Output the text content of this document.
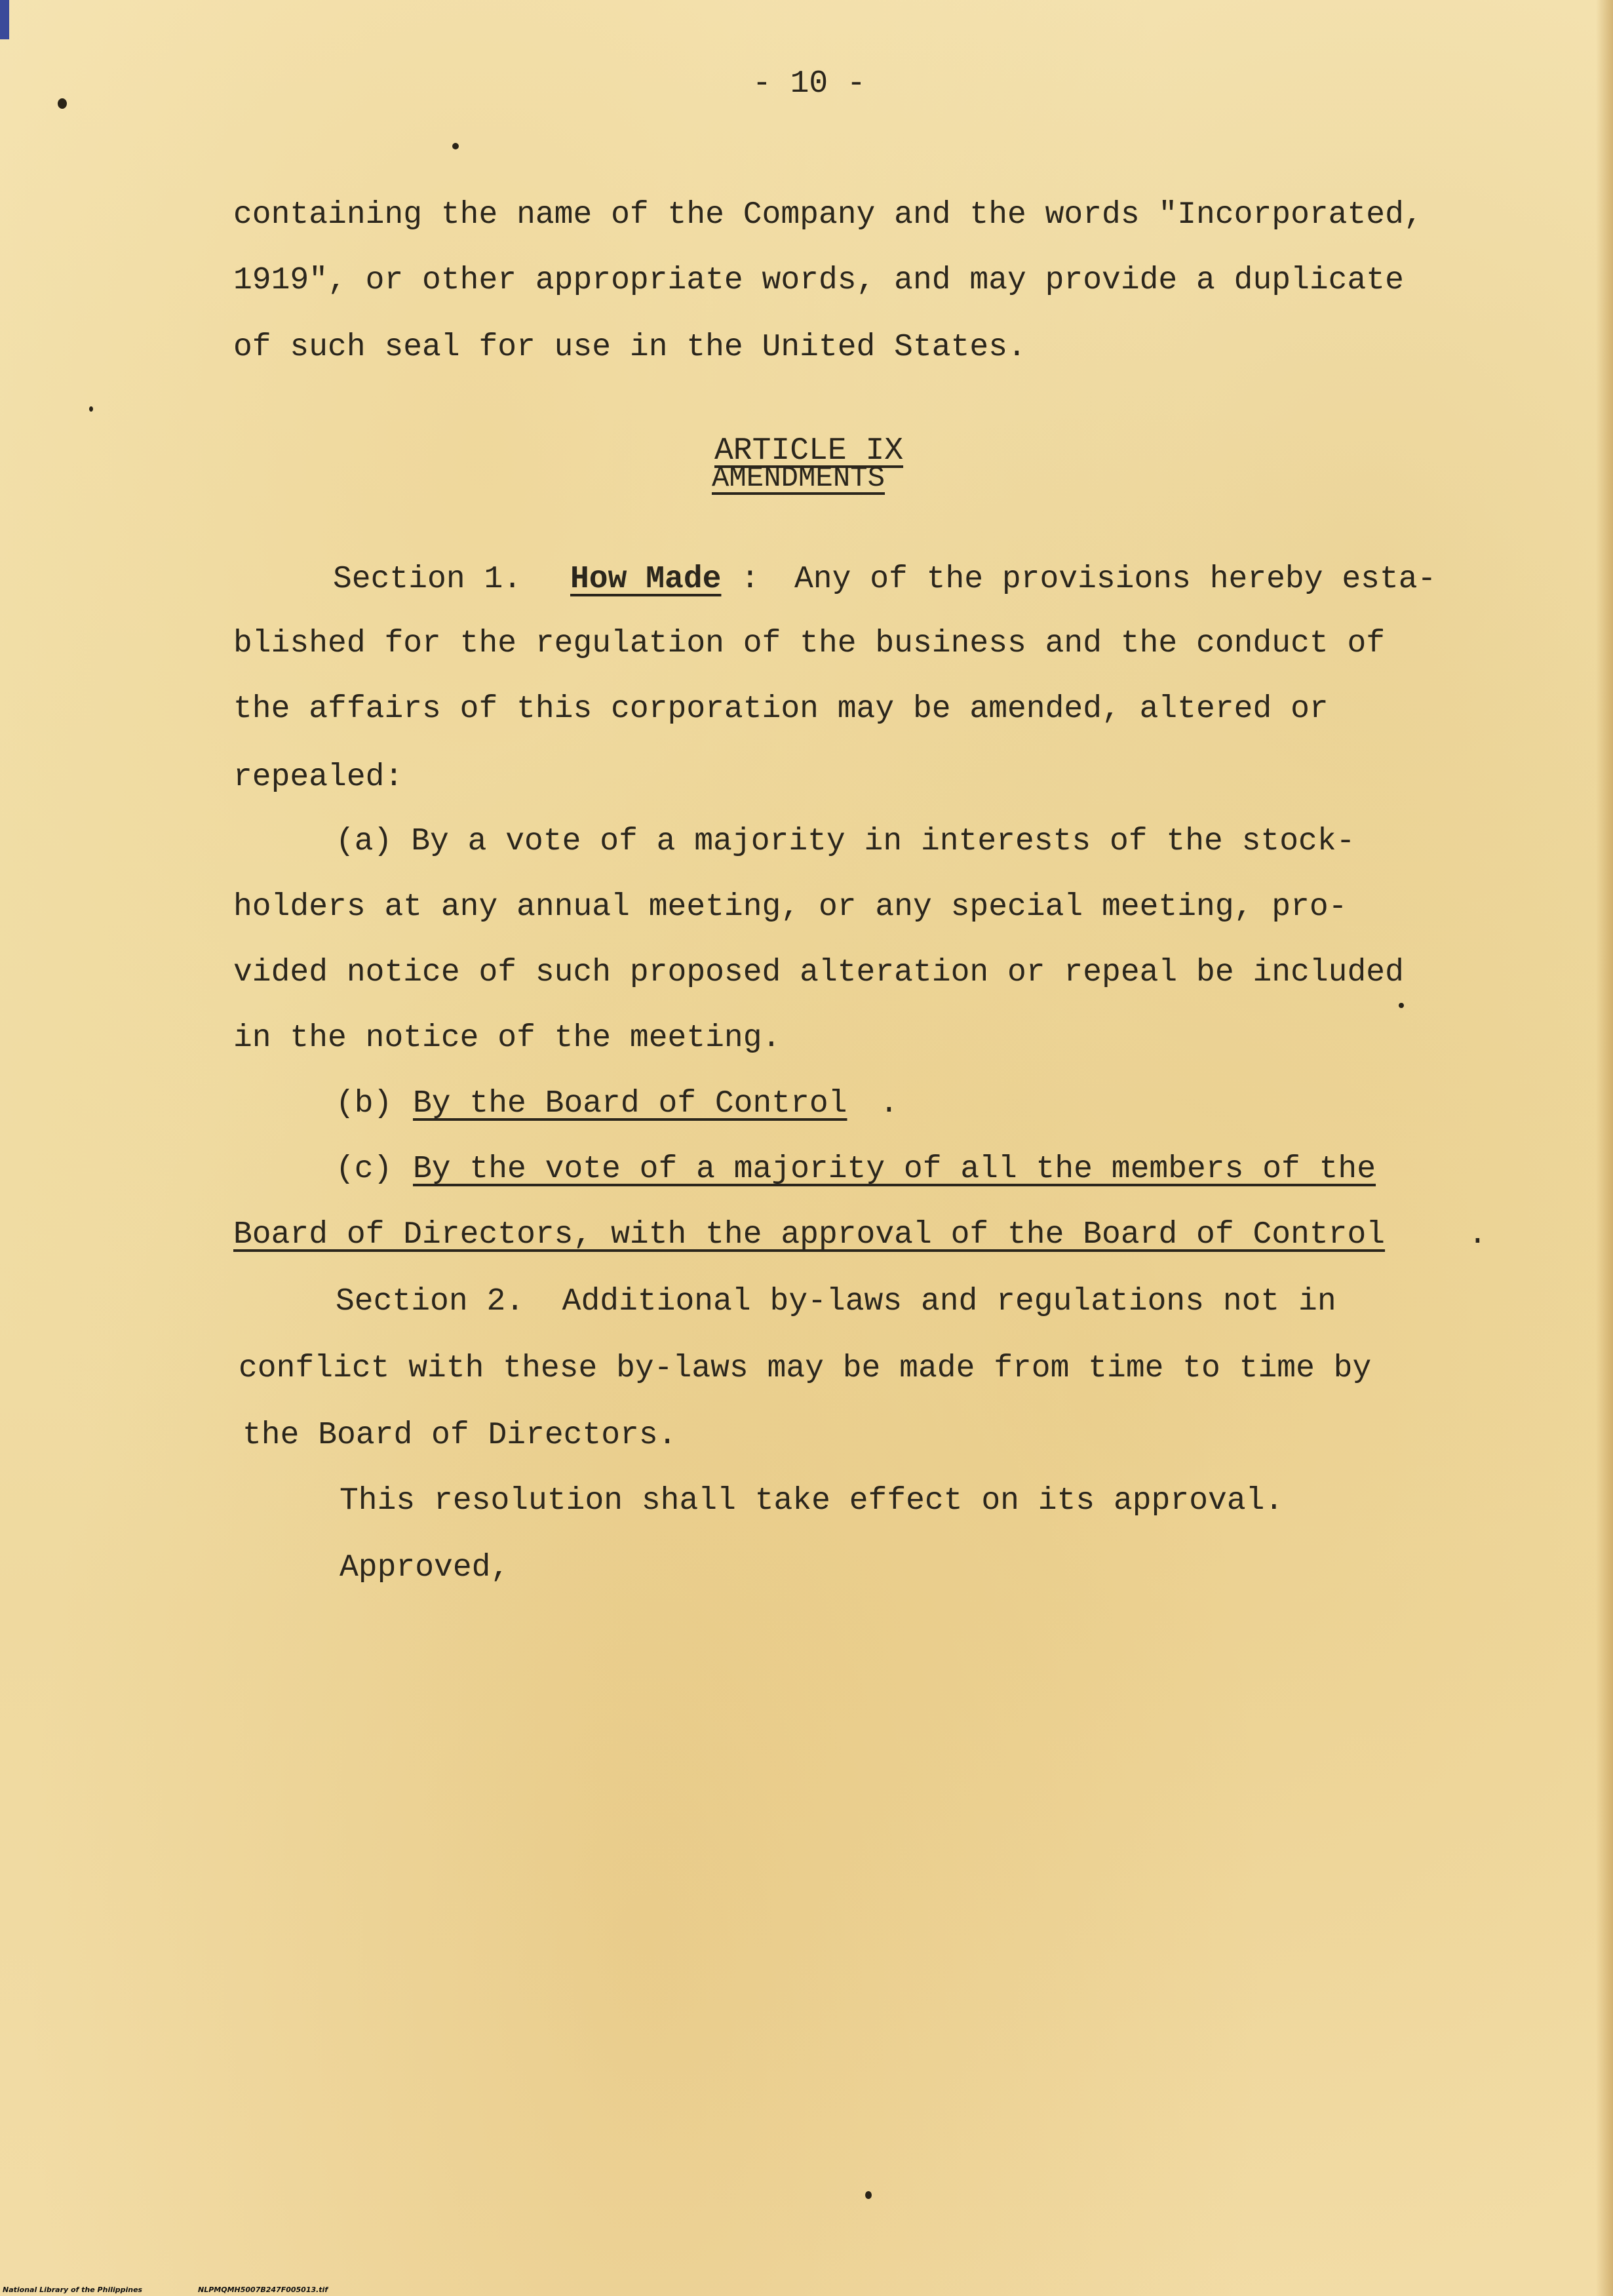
- 10 -
containing the name of the Company and the words "Incorporated,
1919", or other appropriate words, and may provide a duplicate
of such seal for use in the United States.
ARTICLE IX
AMENDMENTS
Section 1. How Made : Any of the provisions hereby esta-
blished for the regulation of the business and the conduct of
the affairs of this corporation may be amended, altered or
repealed:
(a) By a vote of a majority in interests of the stock-
holders at any annual meeting, or any special meeting, pro-
vided notice of such proposed alteration or repeal be included
in the notice of the meeting.
(b) By the Board of Control .
(c) By the vote of a majority of all the members of the
Board of Directors, with the approval of the Board of Control	.
Section 2.  Additional by-laws and regulations not in
conflict with these by-laws may be made from time to time by
the Board of Directors.
This resolution shall take effect on its approval.
Approved,
National Library of the Philippines	NLPMQMH5007B247F005013.tif
